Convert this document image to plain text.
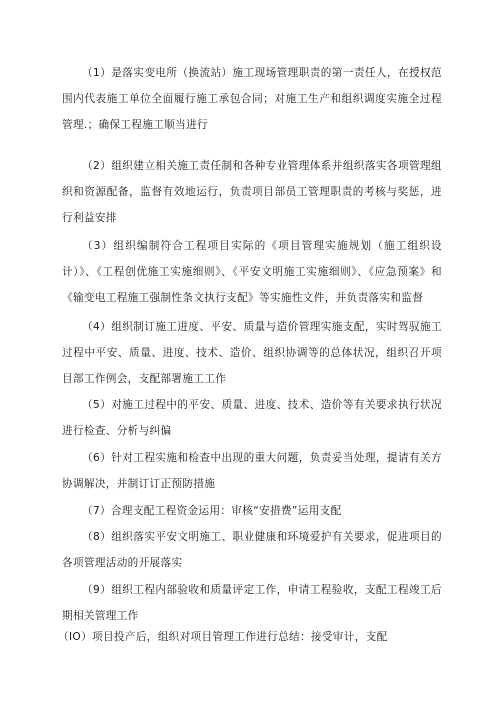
（1）是落实变电所（换流站）施工现场管理职责的第一责任人，在授权范围内代表施工单位全面履行施工承包合同；对施工生产和组织调度实施全过程管理.；确保工程施工顺当进行

（2）组织建立相关施工责任制和各种专业管理体系并组织落实各项管理组织和资源配备，监督有效地运行，负责项目部员工管理职责的考核与奖惩，进行利益安排

（3）组织编制符合工程项目实际的《项目管理实施规划（施工组织设计）》、《工程创优施工实施细则》、《平安文明施工实施细则》、《应急预案》和《输变电工程施工强制性条文执行支配》等实施性文件，并负责落实和监督

（4）组织制订施工进度、平安、质量与造价管理实施支配，实时驾驭施工过程中平安、质量、进度、技术、造价、组织协调等的总体状况，组织召开项目部工作例会，支配部署施工工作

（5）对施工过程中的平安、质量、进度、技术、造价等有关要求执行状况进行检查、分析与纠偏

（6）针对工程实施和检查中出现的重大问题，负责妥当处理，提请有关方协调解决，并制订订正预防措施

（7）合理支配工程资金运用：审核“安措费”运用支配

（8）组织落实平安文明施工、职业健康和环境爱护有关要求，促进项目的各项管理活动的开展落实

（9）组织工程内部验收和质量评定工作，申请工程验收，支配工程竣工后期相关管理工作

（IO）项目投产后，组织对项目管理工作进行总结：接受审计，支配
